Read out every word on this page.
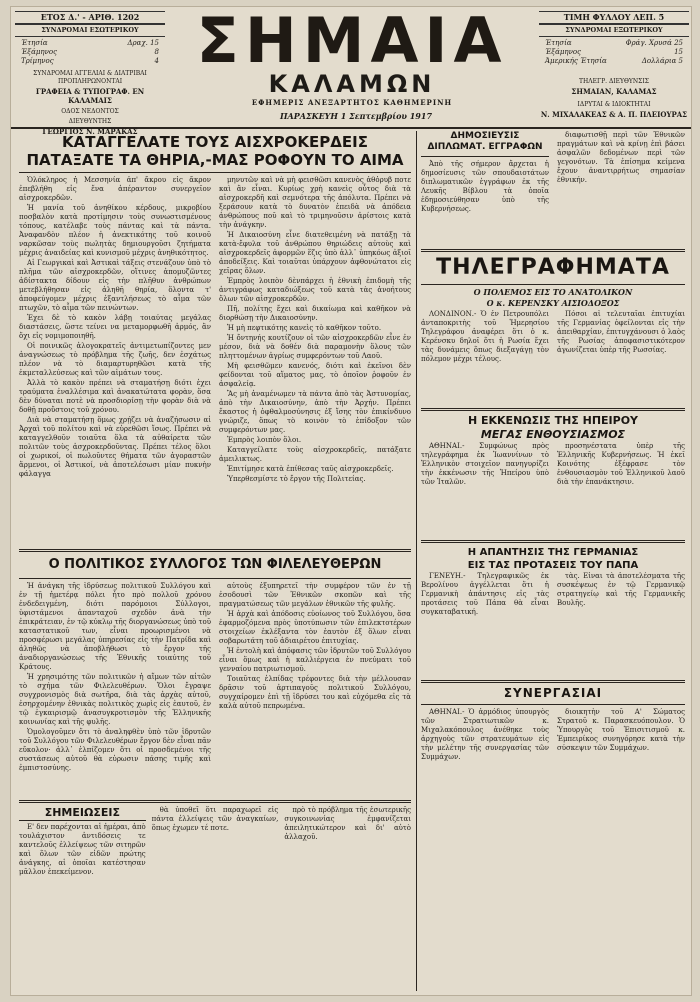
ΕΤΟΣ Δ.' - ΑΡΙΘ. 1202
ΣΥΝΔΡΟΜΑΙ ΕΣΩΤΕΡΙΚΟΥ
Έτησία	Δραχ. 15
Έξάμηνος	8
Τρίμηνος	4
ΣΥΝΔΡΟΜΑΙ ΑΓΓΕΛΙΑΙ & ΔΙΑΤΡΙΒΑΙ ΠΡΟΠΛΗΡΩΝΟΝΤΑΙ
ΓΡΑΦΕΙΑ & ΤΥΠΟΓΡΑΦ. ΕΝ ΚΑΛΑΜΑΙΣ
ΟΔΟΣ ΝΕΔΟΝΤΟΣ
ΔΙΕΥΘΥΝΤΗΣ
ΓΕΩΡΓΙΟΣ Ν. ΜΑΡΑΚΑΣ
ΣΗΜΑΙΑ
ΚΑΛΑΜΩΝ
ΕΦΗΜΕΡΙΣ ΑΝΕΞΑΡΤΗΤΟΣ ΚΑΘΗΜΕΡΙΝΗ
ΠΑΡΑΣΚΕΥΗ 1 Σεπτεμβρίου 1917
ΤΙΜΗ ΦΥΛΛΟΥ ΛΕΠ. 5
ΣΥΝΔΡΟΜΑΙ ΕΞΩΤΕΡΙΚΟΥ
Έτησία	Φράγ. Χρυσά 25
Έξάμηνος	15
Άμερικής Έτησία	Δολλάρια 5
ΤΗΛΕΓΡ. ΔΙΕΥΘΥΝΣΙΣ
ΣΗΜΑΙΑΝ, ΚΑΛΑΜΑΣ
ΙΔΡΥΤΑΙ & ΙΔΙΟΚΤΗΤΑΙ
Ν. ΜΙΧΑΛΑΚΕΑΣ & Α. Π. ΠΛΕΙΟΥΡΑΣ
ΚΑΤΑΓΓΕΛΑΤΕ ΤΟΥΣ ΑΙΣΧΡΟΚΕΡΔΕΙΣ
ΠΑΤΑΞΑΤΕ ΤΑ ΘΗΡΙΑ,-ΜΑΣ ΡΟΦΟΥΝ ΤΟ ΑΙΜΑ

Ὁλόκληρος ἡ Μεσσηνία ἀπ' ἄκρου εἰς ἄκρον ἐπεβλήθη εἰς ἕνα ἀπέραντον συνεργεῖον αἰσχροκερδῶν.

Ἡ μανία τοῦ ἀνηθίκου κέρδους, μικροβίου ποσβαλὸν κατὰ προτίμησιν τοὺς συνωστισμένους τόπους, κατέλαβε τοὺς πάντας καὶ τὰ πάντα. Ἀναφανδὸν πλέον ἡ ἀνεκτικότης τοῦ κοινοῦ ναρκῶσαν τοὺς πωλητὰς δημιουργοῦσι ζητήματα μέχρις ἀναιδείας καὶ κυνισμοῦ μέχρις ἀνηθικότητος.

Αἱ Γεωργικαὶ καὶ Ἀστικαὶ τάξεις στενάζουν ὑπὸ τὸ πλῆμα τῶν αἰσχροκερδῶν, οἵτινες ἀπομυζῶντες ἀδίστακτα δίδουν εἰς τὴν πλῆθυν ἀνθρώπων μετεβλήθησαν εἰς ἀληθῆ θηρία, ὅλοντα τ' ἀποφεύγομεν μέχρις ἐξαντλήσεως τὸ αἷμα τῶν πτωχῶν, τὸ αἷμα τῶν πεινώντων.

Ἐχει δὲ τὸ κακὸν λάβῃ τοιαύτας μεγάλας διαστάσεις, ὥστε τείνει να μεταμορφωθῆ ἀρμός, ἂν ὄχι εἰς νομιμοποιηθῆ.

Οἱ ποινικῶς ἀλογοκρατεῖς ἀντιμετωπίζοντες μεν ἀναγνώσεως τὸ πρόβλημα τῆς ζωῆς, δεν ἐσχάτως πλέον νὰ τὸ διαμαρτυρηθῶσι κατὰ τῆς ἐκμεταλλεύσεως καὶ τῶν αἱμάτων τους.

Ἀλλὰ τὸ κακὸν πρέπει νὰ σταματήσῃ διότι ἐχει τραύματα ἐναλλέσιμα καὶ ἀνακατώτατα φορὰν, ὅσα δὲν δύναται ποτὲ νὰ προσδιορίσῃ τὴν φορὰν διὰ νὰ δοθῇ προὔστοις τοῦ χρόνου.

Διὰ νὰ σταματήσῃ ὅμως χρῄζει νὰ ἀναζήσωσιν αἱ Ἀρχαὶ τοῦ πολίτου καὶ νὰ εὑρεθῶσι ἴσως. Πρέπει νὰ καταγγελθοῦν τοιαῦτα ὅλα τὰ αὐθαίρετα τῶν πολιτῶν τοὺς ἀσχροκερδοῦντας. Πρέπει τέλος ὅλοι οἱ χωρικοί, οἱ πωλοῦντες θήματα τῶν ἀγοραστῶν ἅρμενοι, οἱ Ἀστικοί, νὰ ἀποτελέσωσι μίαν πυκνὴν φάλαγγα

μηνυτῶν καὶ νὰ μὴ φεισθῶσι κανενὸς ἀθὁρυβ ποτε καὶ ἂν εἶναι. Κυρίως χρὴ κανεὶς οὗτος διὰ τὰ αἰσχροκερδῆ καὶ σεμνότερα τῆς ἀπόλυτα. Πρέπει νὰ ξεράσουν κατὰ τὸ δυνατὸν ἐπειδὰ νὰ ἀπόδεια ἀνθρώπους ποῦ καὶ τὸ τριμηνοῦσιν ἀρίστοις κατὰ τὴν ἀνάγκην.

Ἡ Δικαιοσύνη εἶνε διατεθειμένη νὰ πατάξῃ τὰ κατὰ-ἔφυλα τοῦ ἀνθρώπου θηριώδεις αὐτοὺς καὶ αἰσχροκερδεῖς ἀφορμῶν ἕζις ὑπὸ ἀλλ᾽ ὑπηκόως ἀξιοῖ ἀποδείξεις. Καὶ τοιαῦται ὑπάρχουν ἀφθονώτατοι εἰς χεῖρας ὅλων.

Ἐμπρὸς λοιπὸν δὲνπάρχει ἡ ἐθνικὴ ἐπιδομὴ τῆς ἀντιγράφως καταδιώξεως τοῦ κατὰ τὰς ἀνοήτους ὅλων τῶν αἰσχροκερδῶν.

Πῆ, πολίτης ἔχει καὶ δικαίωμα καὶ καθῆκον νὰ διορθώσῃ τὴν Δικαιοσύνην.

Ἡ μὴ πεφτικότης κανεὶς τὸ καθῆκον τοῦτο.

Ἡ ὄντηνής κουτίζουν οἱ τῶν αἰσχροκερδῶν εἶνε ἐν μέσον, διὰ νὰ δοθέν διὰ παραμονὴν ὅλους τῶν πληττομένων ἀγρίως συμφερόντων τοῦ Λαοῦ.

Μὴ φεισθῶμεν κανενός, διότι καὶ ἐκεῖνοι δὲν φείδονται τοῦ αἵματος μας, τὸ ὁποῖον ῥοφοῦν ἐν ἀσφαλείᾳ.

Ἂς μὴ ἀναμένωμεν τὰ πάντα ἀπὸ τὰς Ἀστυνομίας, ἀπὸ τὴν Δικαιοσύνην, ἀπὸ τὴν Ἀρχήν. Πρέπει ἕκαστος ἡ ὀφθαλμοσύνησις ἐξ ἴσης τὸν ἐπικίνδυνο γνώριζε, ὅπως τὸ κοινὸν τὸ ἐπίδοξον τῶν συμφερόντων μας.

Ἐμπρὸς λοιπὸν ὅλοι.

Καταγγείλατε τοὺς αἰσχροκερδεῖς, πατάξατε ἀμειλικτως.

Ἐπιτίμησε κατὰ ἐπίθεσας ταῦς αἰσχροκερδεῖς.

Ὑπερθεσμίστε τὸ ἔργον τῆς Πολιτείας.

Ο ΠΟΛΙΤΙΚΟΣ ΣΥΛΛΟΓΟΣ ΤΩΝ ΦΙΛΕΛΕΥΘΕΡΩΝ

Ἡ ἀνάγκη τῆς ἱδρύσεως πολιτικοῦ Συλλόγου καὶ ἐν τῇ ἡμετέρᾳ πόλει ἦτο πρὸ πολλοῦ χρόνου ἐνδεδειγμένη, διότι παρόμοιοι Σύλλογοι, ὑφιστάμενοι ἀπανταχοῦ σχεδὸν ἀνὰ τὴν ἐπικράτειαν, ἐν τῷ κύκλῳ τῆς διοργανώσεως ὑπὸ τοῦ καταστατικοῦ των, εἶναι προωρισμένοι νὰ προσφέρωσι μεγάλας ὑπηρεσίας εἰς τὴν Πατρίδα καὶ ἀληθῶς νὰ ἀποβλήθωσι τὸ ἔργον τῆς ἀναδιοργανώσεως τῆς Ἐθνικῆς τοιαύτης τοῦ Κράτους.

Ἡ χρησιμότης τῶν πολιτικῶν ἡ αἵμων τῶν αἰτῶν τὸ σχήμα τῶν Φιλελευθέρων. Ὅλοι ἔγραψε συγχρονισμὸς διὰ σωτῆρα, διὰ τὰς ἀρχὰς αὐτοῦ, ἐσηρχομένην ἐθνικὰς πολιτικὸς χωρὶς εἰς ἑαυτοῦ, ἐν τῷ ἐγκαιρισμῷ ἀνασυγκροτισμὸν τῆς Ἑλληνικῆς κοινωνίας καὶ τῆς φυλῆς.

Ὁμολογοῦμεν ὅτι τὸ ἀναληφθὲν ὑπὸ τῶν ἱδρυτῶν τοῦ Συλλόγου τῶν Φιλελευθέρων ἔργον δὲν εἶναι πᾶν εὔκολον· ἀλλ᾽ ἐλπίζομεν ὅτι οἱ προσδεμένοι τῆς συστάσεως αὐτοῦ θὰ εὑρωσιν πάσης τιμῆς καὶ ἐμπιστοσύνης.

αὐτοὺς ἐξυπηρετεῖ τὴν συμφέρον τῶν ἐν τῇ ἐσοδουσὶ τῶν Ἐθνικῶν σκοπῶν καὶ τῆς πραγματώσεως τῶν μεγάλων ἐθνικῶν τῆς φυλῆς.

Ἡ ἀρχὰ καὶ ἀπόδοσις εὐοίωνος τοῦ Συλλόγου, ὅσα ἐφαρμοζόμενα πρὸς ὑποτύπωσιν τῶν ἐπιλεκτοτέρων στοιχείων ἐκλέξαντα τὸν ἐαυτὸν ἐξ ὅλων εἶναι σοβαρωτάτη τοῦ ἀδιαιρέτου ἐπιτυχίας.

Ἡ ἐντολὴ καὶ ἀπόφασις τῶν ἰδρυτῶν τοῦ Συλλόγου εἶναι ὅμως καὶ ἡ καλλιέργεια ἐν πνεύματι τοῦ γενναίου πατριωτισμοῦ.

Τοιαῦτας ἐλπίδας τρέφοντες διὰ τὴν μέλλουσαν δρᾶσιν τοῦ ἀρτιπαγοῦς πολιτικοῦ Συλλόγου, συγχαίρομεν ἐπὶ τῇ ἱδρύσει του καὶ εὐχόμεθα εἰς τὰ καλὰ αὐτοῦ πεπρωμένα.

ΣΗΜΕΙΩΣΕΙΣ

Ε' δεν παρέχονται αἱ ἡμέραι, ἀπὸ τουλάχιστον ἀντιδόσεις τε καντελοῦς ἐλλείψεως τῶν σιτηρῶν καὶ ὅλων τῶν εἰδῶν πρώτης ἀνάγκης, αἱ ὁποῖαι κατέστησαν μᾶλλον ἐπεκείμενον.

θὰ ὑποθεῖ ὅτι παραχωρεῖ εἰς πάντα ἐλλείψεις τῶν ἀναγκαίων, ὅπως ἐχωμεν τέ ποτε.

πρὸ τὸ πρόβλημα τῆς ἐσωτερικῆς συγκοινωνίας ἐμφανίζεται ἀπειλητικώτερον καὶ δι' αὐτὸ ἀλλαχοῦ.

ΔΗΜΟΣΙΕΥΣΙΣ ΔΙΠΛΩΜΑΤ. ΕΓΓΡΑΦΩΝ

Ἀπὸ τῆς σήμερον ἄρχεται ἡ δημοσίευσις τῶν σπουδαιοτάτων διπλωματικῶν ἐγγράφων ἐκ τῆς Λευκῆς Βίβλου τὰ ὁποῖα ἐδημοσιεύθησαν ὑπὸ τῆς Κυβερνήσεως.

διαφωτισθῇ περὶ τῶν Ἐθνικῶν πραγμάτων καὶ νὰ κρίνῃ ἐπὶ βάσει ἀσφαλῶν δεδομένων περὶ τῶν γεγονότων. Τὰ ἐπίσημα κείμενα ἔχουν ἀναντιρρήτως σημασίαν ἐθνικήν.

ΤΗΛΕΓΡΑΦΗΜΑΤΑ
Ο ΠΟΛΕΜΟΣ ΕΙΣ ΤΟ ΑΝΑΤΟΛΙΚΟΝ
Ο κ. ΚΕΡΕΝΣΚΥ ΑΙΣΙΟΔΟΞΟΣ

ΛΟΝΔΙΝΟΝ.- Ὁ ἐν Πετρουπόλει ἀνταποκριτὴς τοῦ Ἡμερησίου Τηλεγράφου ἀναφέρει ὅτι ὁ κ. Κερένσκυ δηλοῖ ὅτι ἡ Ρωσία ἔχει τὰς δυνάμεις ὅπως διεξαγάγῃ τὸν πόλεμον μέχρι τέλους.

Πόσοι αἱ τελευταῖαι ἐπιτυχίαι τῆς Γερμανίας ὀφείλονται εἰς τὴν ἀπειθαρχίαν, ἐπιτυγχάνουσι ὁ λαὸς τῆς Ρωσίας ἀποφασιστικότερον ἀγωνίζεται ὑπὲρ τῆς Ρωσσίας.

Η ΕΚΚΕΝΩΣΙΣ ΤΗΣ ΗΠΕΙΡΟΥ
ΜΕΓΑΣ ΕΝΘΟΥΣΙΑΣΜΟΣ

ΑΘΗΝΑΙ.- Συμφώνως πρὸς τηλεγράφημα ἐκ Ἰωαννίνων τὸ Ἑλληνικὸν στοιχεῖον πανηγυρίζει τὴν ἐκκένωσιν τῆς Ἠπείρου ὑπὸ τῶν Ἰταλῶν.

προσηνέστατα ὑπὲρ τῆς Ἑλληνικῆς Κυβερνήσεως. Ἡ ἐκεῖ Κοινότης ἐξέφρασε τὸν ἐνθουσιασμὸν τοῦ Ἑλληνικοῦ λαοῦ διὰ τὴν ἐπανάκτησιν.

Η ΑΠΑΝΤΗΣΙΣ ΤΗΣ ΓΕΡΜΑΝΙΑΣ
ΕΙΣ ΤΑΣ ΠΡΟΤΑΣΕΙΣ ΤΟΥ ΠΑΠΑ

ΓΕΝΕΥΗ.- Τηλεγραφικῶς ἐκ Βερολίνου ἀγγέλλεται ὅτι ἡ Γερμανικὴ ἀπάντησις εἰς τὰς προτάσεις τοῦ Πάπα θὰ εἶναι συγκαταβατική.

τὰς. Εἶναι τὰ ἀποτελέσματα τῆς συσκέψεως ἐν τῷ Γερμανικῷ στρατηγείῳ καὶ τῆς Γερμανικῆς Βουλῆς.

ΣΥΝΕΡΓΑΣΙΑΙ

ΑΘΗΝΑΙ.- Ὁ ἀρμόδιος ὑπουργὸς τῶν Στρατιωτικῶν κ. Μιχαλακόπουλος ἀνέθηκε τοὺς ἀρχηγοὺς τῶν στρατευμάτων εἰς τὴν μελέτην τῆς συνεργασίας τῶν Συμμάχων.

διοικητὴν τοῦ Α' Σώματος Στρατοῦ κ. Παρασκευόπουλον. Ὁ Ὑπουργὸς τοῦ Ἐπισιτισμοῦ κ. Ἐμπειρίκος συνηγόρησε κατὰ τὴν σύσκεψιν τῶν Συμμάχων.
